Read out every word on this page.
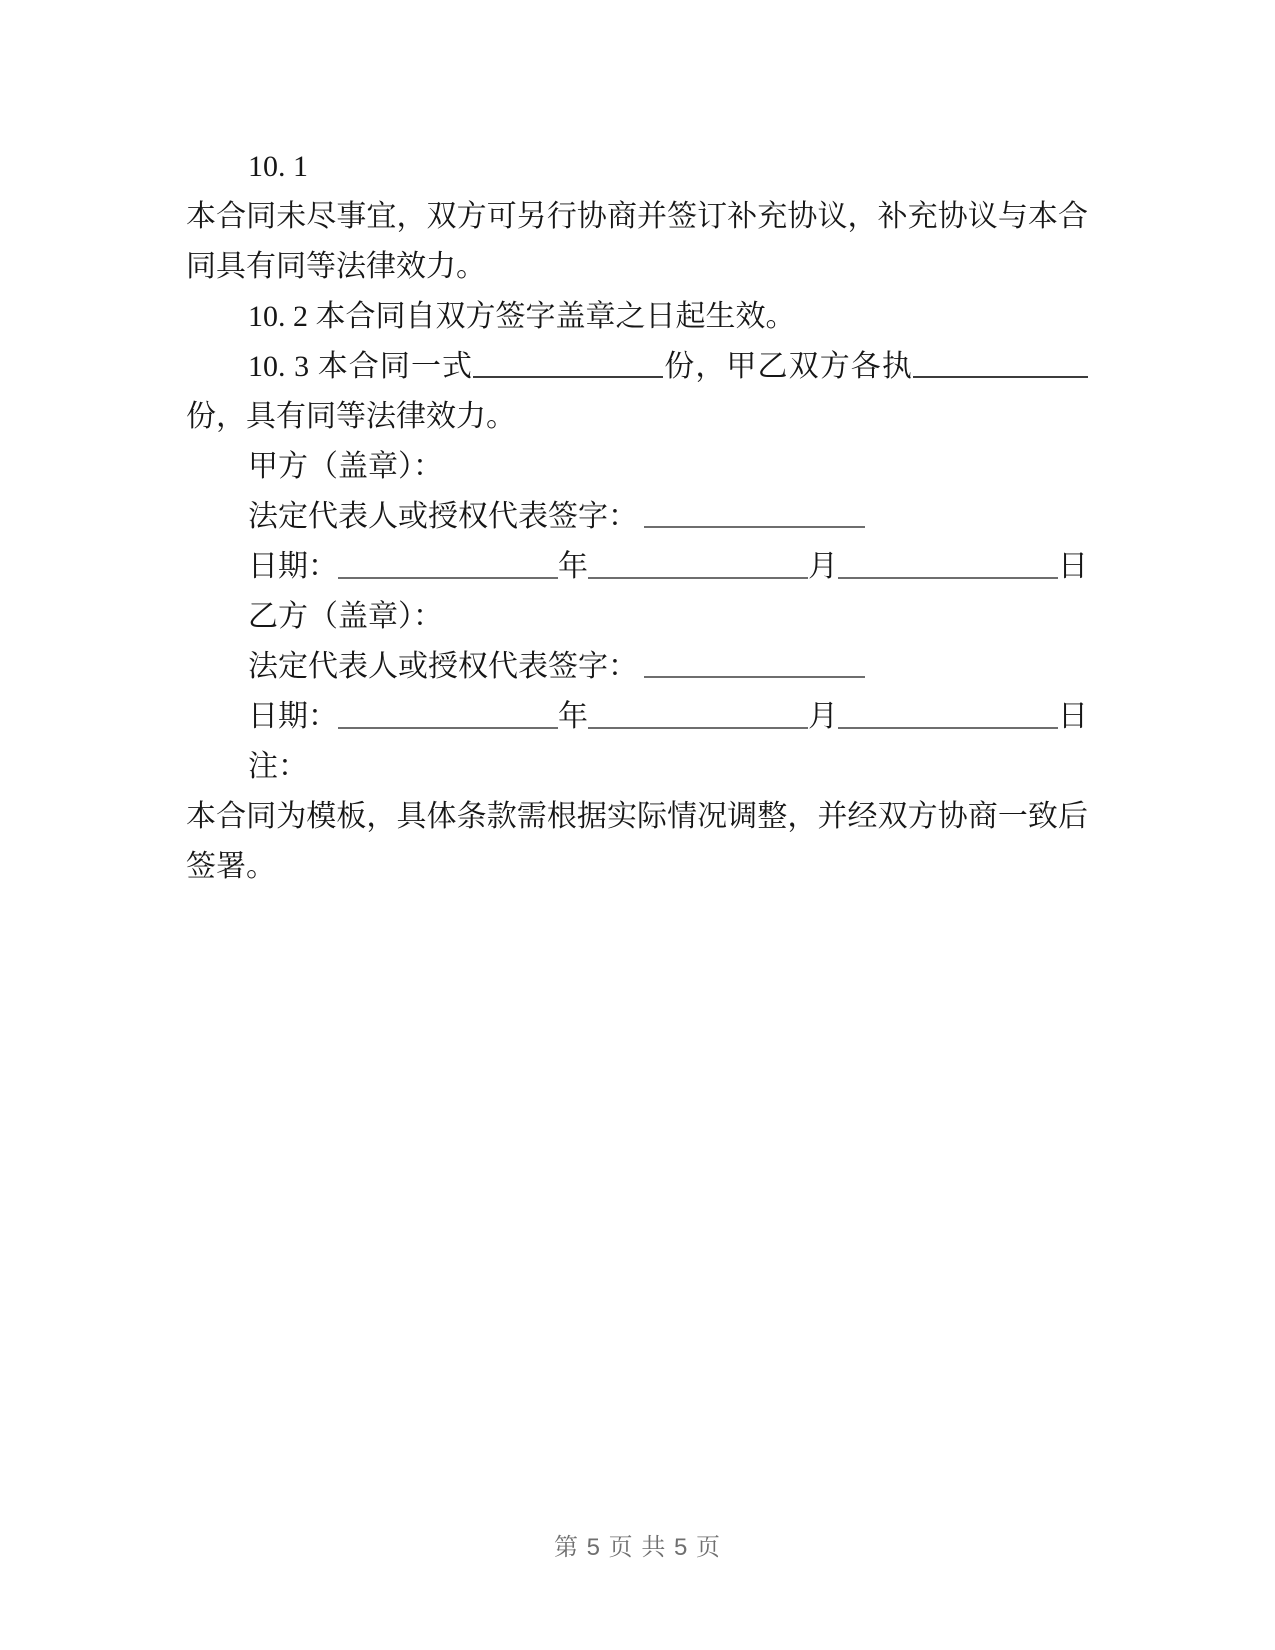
10. 1

本合同未尽事宜，双方可另行协商并签订补充协议，补充协议与本合同具有同等法律效力。

10. 2 本合同自双方签字盖章之日起生效。

10. 3 本合同一式	份，甲乙双方各执份，具有同等法律效力。

甲方（盖章）：

法定代表人或授权代表签字：

日期：	年	月	日

乙方（盖章）：

法定代表人或授权代表签字：

日期：	年	月	日

注：

本合同为模板，具体条款需根据实际情况调整，并经双方协商一致后签署。

第 5 页 共 5 页
